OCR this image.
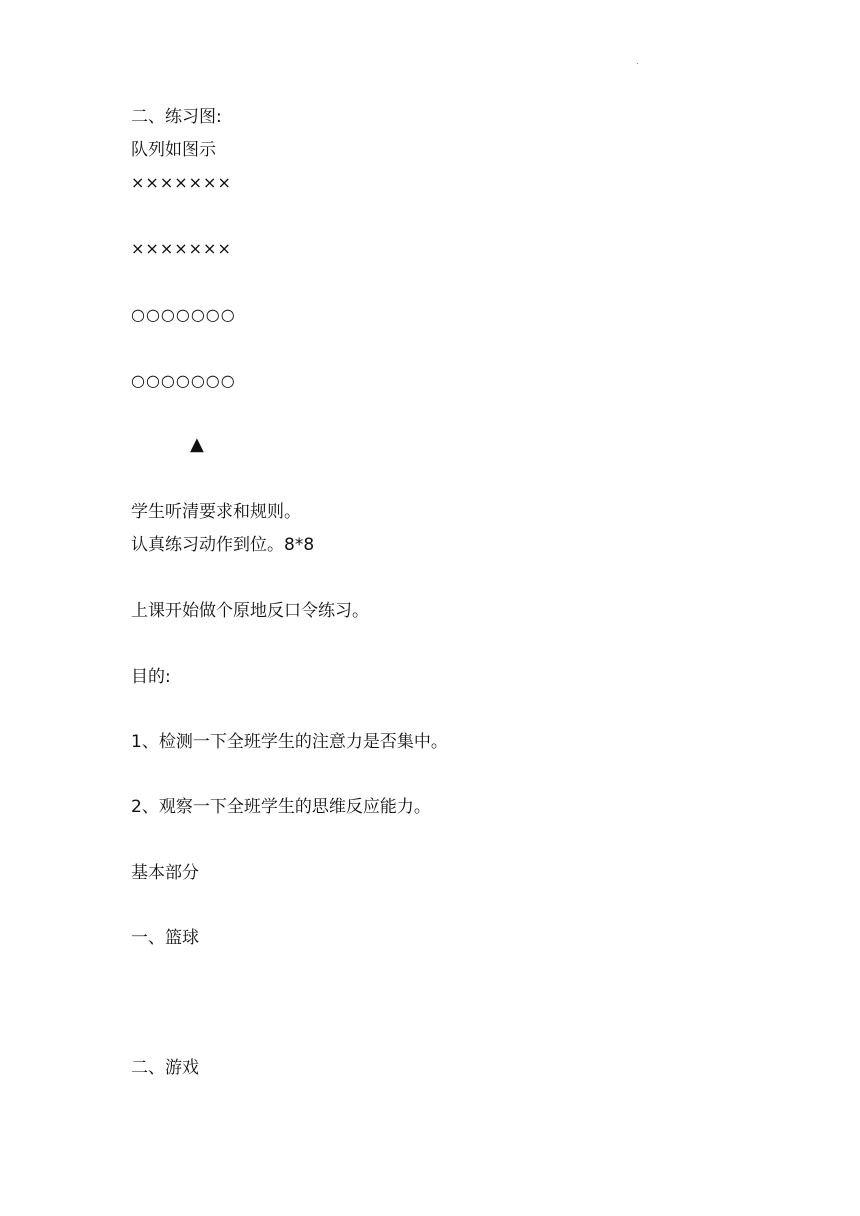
.
二、练习图:
队列如图示
×××××××
×××××××
○○○○○○○
○○○○○○○
▲
学生听清要求和规则。
认真练习动作到位。8*8
上课开始做个原地反口令练习。
目的:
1、检测一下全班学生的注意力是否集中。
2、观察一下全班学生的思维反应能力。
基本部分
一、篮球
二、游戏
